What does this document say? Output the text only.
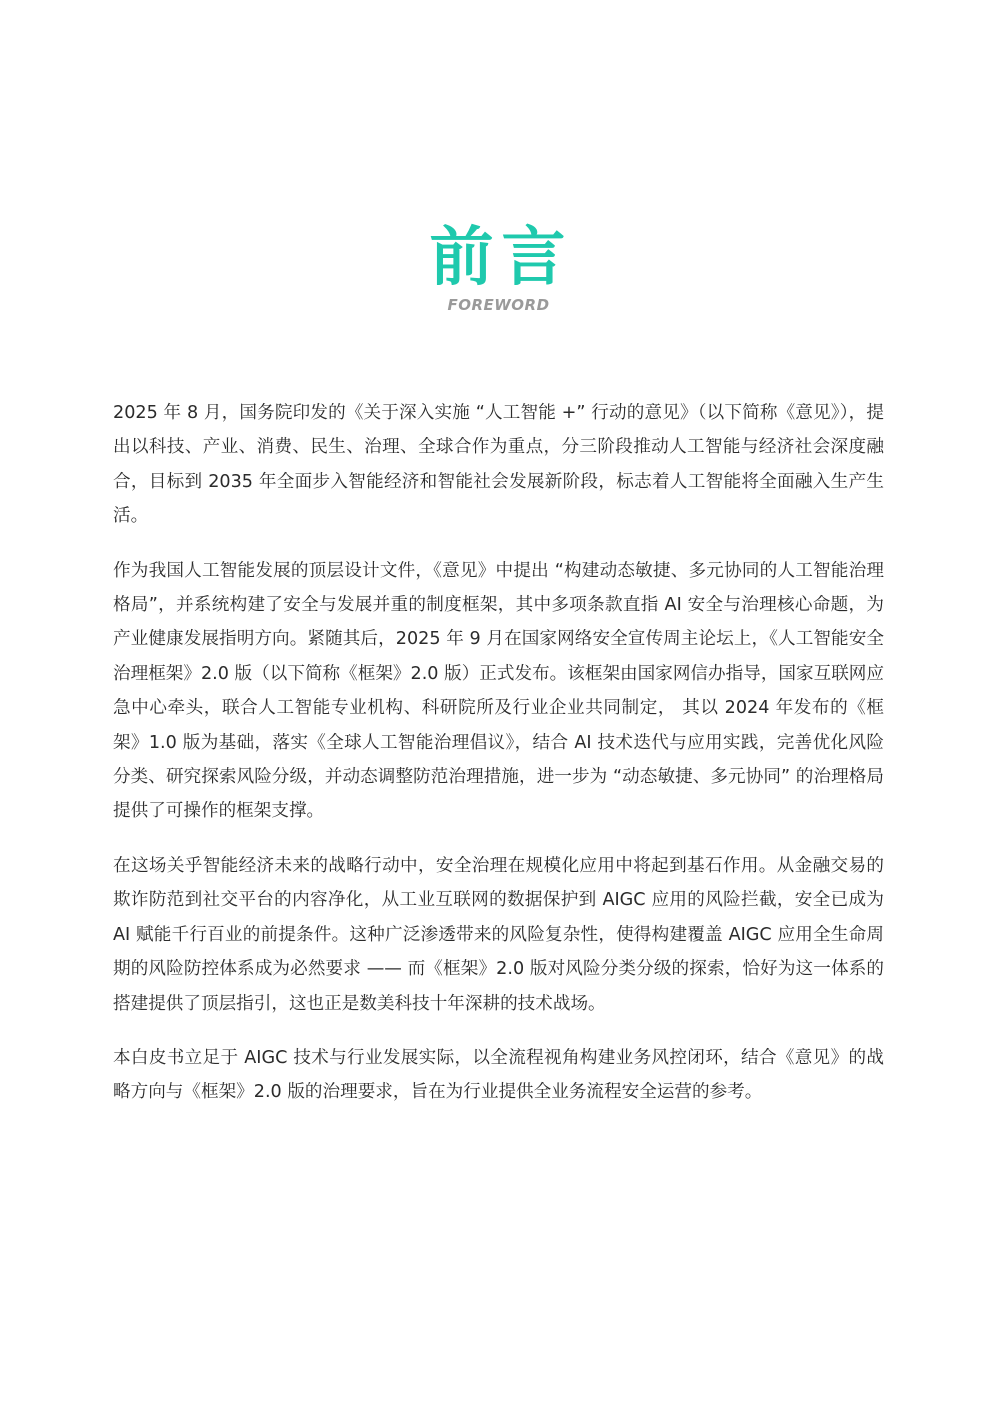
前言
FOREWORD

2025 年 8 月，国务院印发的《关于深入实施 “人工智能 +” 行动的意见》（以下简称《意见》），提出以科技、产业、消费、民生、治理、全球合作为重点，分三阶段推动人工智能与经济社会深度融合，目标到 2035 年全面步入智能经济和智能社会发展新阶段，标志着人工智能将全面融入生产生活。

作为我国人工智能发展的顶层设计文件，《意见》中提出 “构建动态敏捷、多元协同的人工智能治理格局”，并系统构建了安全与发展并重的制度框架，其中多项条款直指 AI 安全与治理核心命题，为产业健康发展指明方向。紧随其后，2025 年 9 月在国家网络安全宣传周主论坛上，《人工智能安全治理框架》2.0 版（以下简称《框架》2.0 版）正式发布。该框架由国家网信办指导，国家互联网应急中心牵头，联合人工智能专业机构、科研院所及行业企业共同制定， 其以 2024 年发布的《框架》1.0 版为基础，落实《全球人工智能治理倡议》，结合 AI 技术迭代与应用实践，完善优化风险分类、研究探索风险分级，并动态调整防范治理措施，进一步为 “动态敏捷、多元协同” 的治理格局提供了可操作的框架支撑。

在这场关乎智能经济未来的战略行动中，安全治理在规模化应用中将起到基石作用。从金融交易的欺诈防范到社交平台的内容净化，从工业互联网的数据保护到 AIGC 应用的风险拦截，安全已成为 AI 赋能千行百业的前提条件。这种广泛渗透带来的风险复杂性，使得构建覆盖 AIGC 应用全生命周期的风险防控体系成为必然要求 —— 而《框架》2.0 版对风险分类分级的探索，恰好为这一体系的搭建提供了顶层指引，这也正是数美科技十年深耕的技术战场。

本白皮书立足于 AIGC 技术与行业发展实际，以全流程视角构建业务风控闭环，结合《意见》的战略方向与《框架》2.0 版的治理要求，旨在为行业提供全业务流程安全运营的参考。
